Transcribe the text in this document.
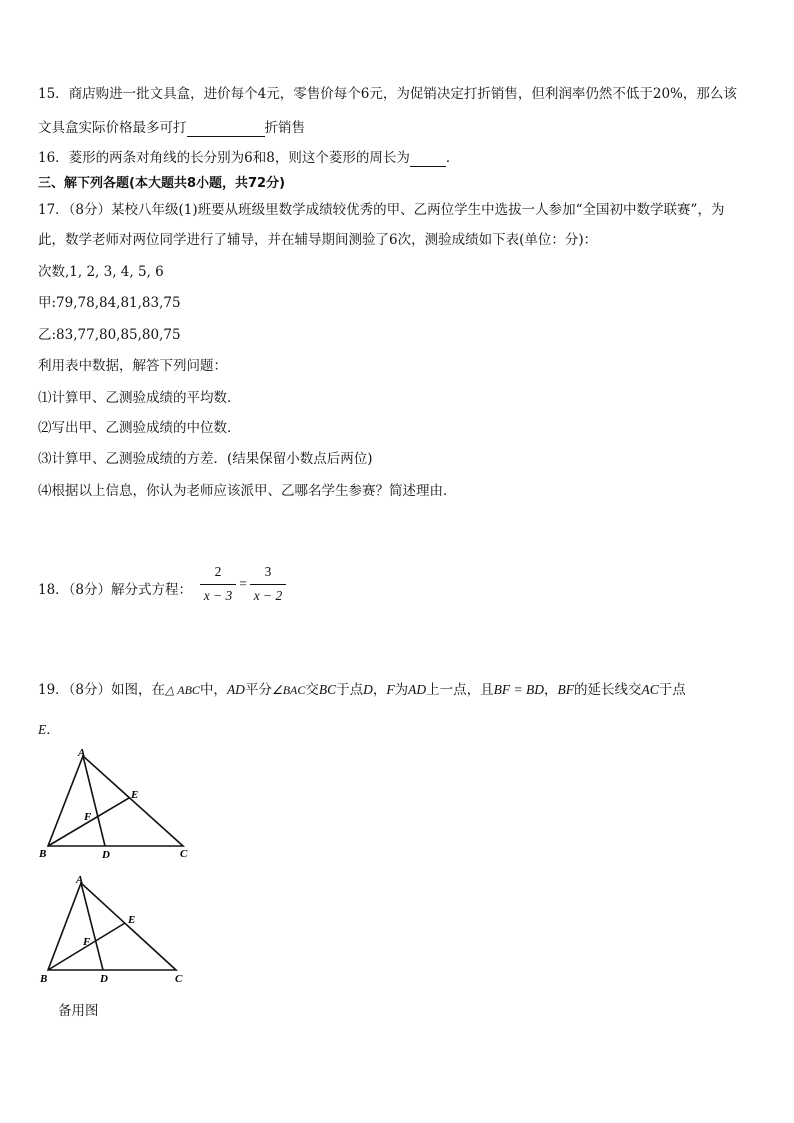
15．商店购进一批文具盒，进价每个4元，零售价每个6元，为促销决定打折销售，但利润率仍然不低于20%，那么该
文具盒实际价格最多可打	折销售
16．菱形的两条对角线的长分别为6和8，则这个菱形的周长为	．
三、解下列各题(本大题共8小题，共72分)
17．（8分）某校八年级(1)班要从班级里数学成绩较优秀的甲、乙两位学生中选拔一人参加“全国初中数学联赛”，为
此，数学老师对两位同学进行了辅导，并在辅导期间测验了6次，测验成绩如下表(单位：分)：
次数,1, 2, 3, 4, 5, 6
甲:79,78,84,81,83,75
乙:83,77,80,85,80,75
利用表中数据，解答下列问题：
⑴计算甲、乙测验成绩的平均数．
⑵写出甲、乙测验成绩的中位数．
⑶计算甲、乙测验成绩的方差．(结果保留小数点后两位)
⑷根据以上信息，你认为老师应该派甲、乙哪名学生参赛？简述理由．
18．（8分）解分式方程：
2
x − 3
=
3
x − 2
19．（8分）如图，在△ ABC中，AD平分∠BAC交BC于点D，F为AD上一点，且BF = BD，BF的延长线交AC于点
E．
A
B	C
D
E
F
A
B	C
D
E
F
备用图
